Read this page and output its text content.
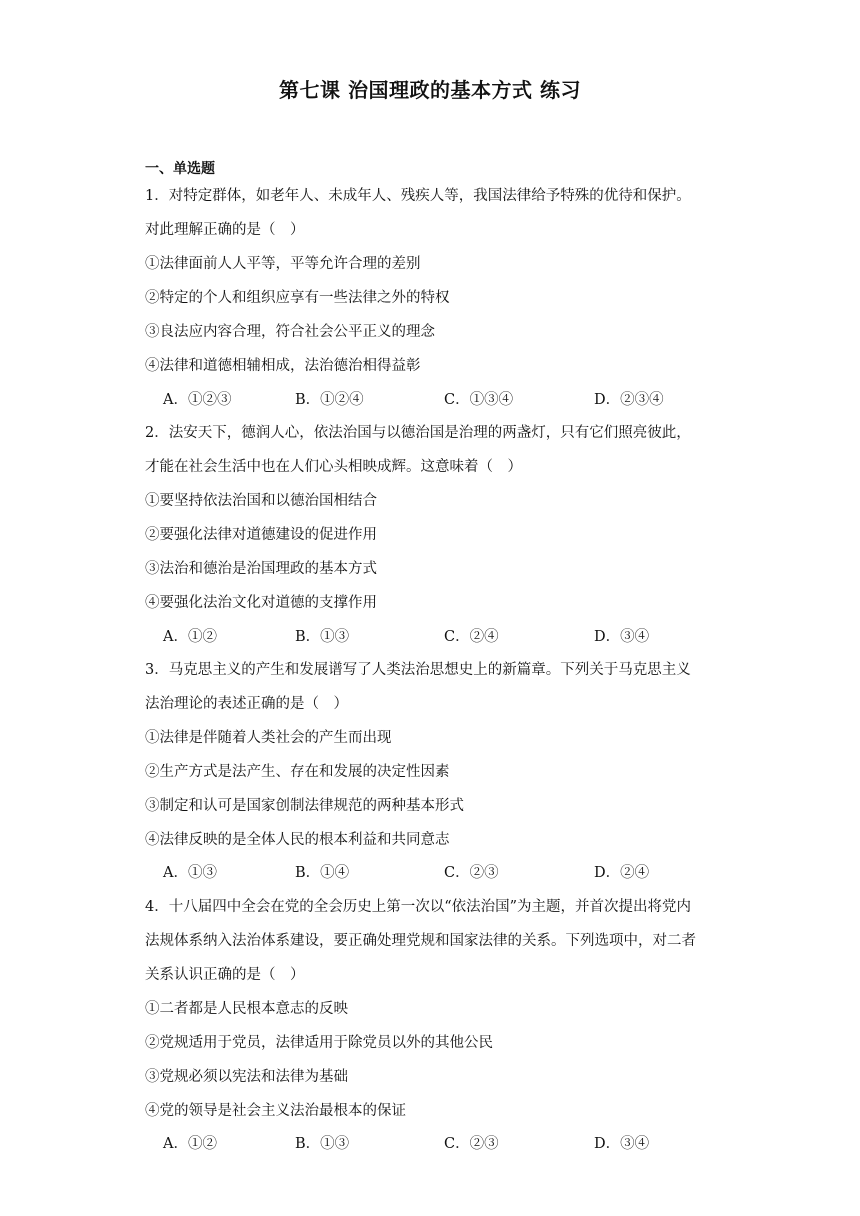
第七课 治国理政的基本方式 练习
一、单选题
1．对特定群体，如老年人、未成年人、残疾人等，我国法律给予特殊的优待和保护。
对此理解正确的是（　）
①法律面前人人平等，平等允许合理的差别
②特定的个人和组织应享有一些法律之外的特权
③良法应内容合理，符合社会公平正义的理念
④法律和道德相辅相成，法治德治相得益彰
A．①②③	B．①②④	C．①③④	D．②③④
2．法安天下，德润人心，依法治国与以德治国是治理的两盏灯，只有它们照亮彼此，
才能在社会生活中也在人们心头相映成辉。这意味着（　）
①要坚持依法治国和以德治国相结合
②要强化法律对道德建设的促进作用
③法治和德治是治国理政的基本方式
④要强化法治文化对道德的支撑作用
A．①②	B．①③	C．②④	D．③④
3．马克思主义的产生和发展谱写了人类法治思想史上的新篇章。下列关于马克思主义
法治理论的表述正确的是（　）
①法律是伴随着人类社会的产生而出现
②生产方式是法产生、存在和发展的决定性因素
③制定和认可是国家创制法律规范的两种基本形式
④法律反映的是全体人民的根本利益和共同意志
A．①③	B．①④	C．②③	D．②④
4．十八届四中全会在党的全会历史上第一次以“依法治国”为主题，并首次提出将党内
法规体系纳入法治体系建设，要正确处理党规和国家法律的关系。下列选项中，对二者
关系认识正确的是（　）
①二者都是人民根本意志的反映
②党规适用于党员，法律适用于除党员以外的其他公民
③党规必须以宪法和法律为基础
④党的领导是社会主义法治最根本的保证
A．①②	B．①③	C．②③	D．③④
